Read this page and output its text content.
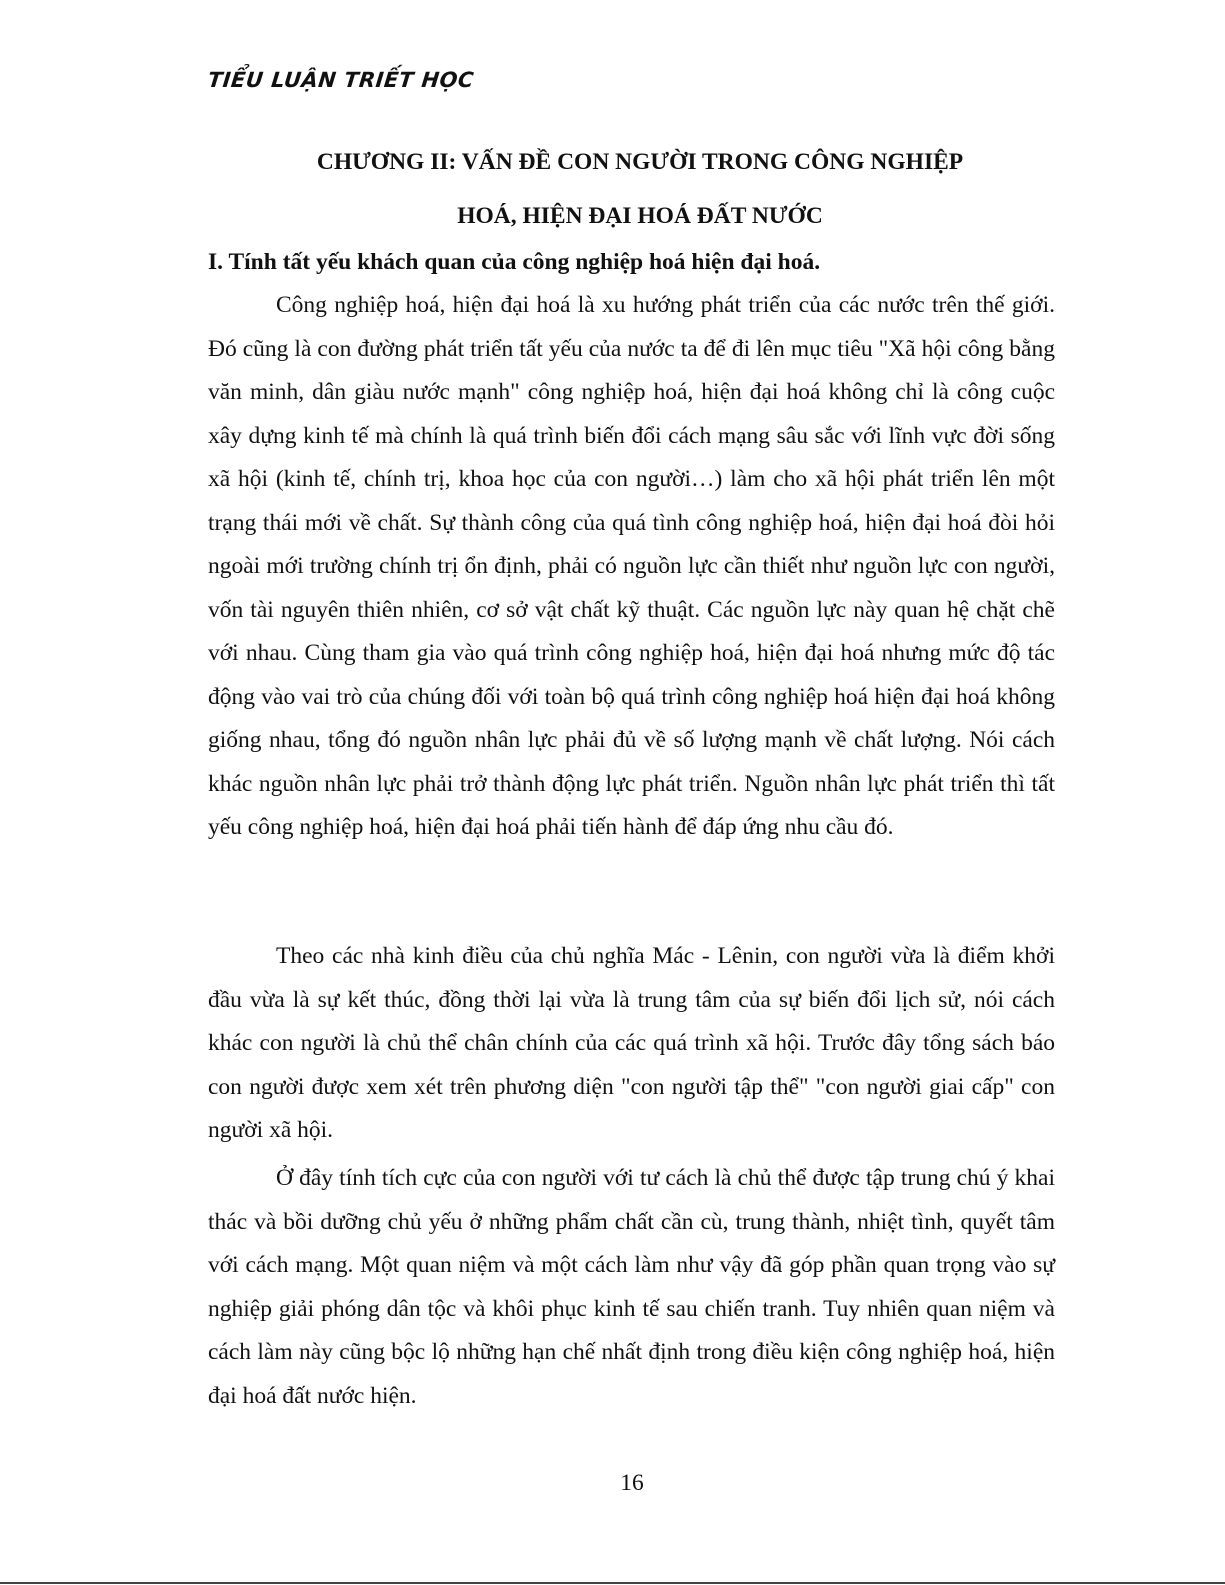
TIỂU LUẬN TRIẾT HỌC
CHƯƠNG II: VẤN ĐỀ CON NGƯỜI TRONG CÔNG NGHIỆP
HOÁ, HIỆN ĐẠI HOÁ ĐẤT NƯỚC
I. Tính tất yếu khách quan của công nghiệp hoá hiện đại hoá.

Công nghiệp hoá, hiện đại hoá là xu hướng phát triển của các nước trên thế giới. Đó cũng là con đường phát triển tất yếu của nước ta để đi lên mục tiêu "Xã hội công bằng văn minh, dân giàu nước mạnh" công nghiệp hoá, hiện đại hoá không chỉ là công cuộc xây dựng kinh tế mà chính là quá trình biến đổi cách mạng sâu sắc với lĩnh vực đời sống xã hội (kinh tế, chính trị, khoa học của con người…) làm cho xã hội phát triển lên một trạng thái mới về chất. Sự thành công của quá tình công nghiệp hoá, hiện đại hoá đòi hỏi ngoài mới trường chính trị ổn định, phải có nguồn lực cần thiết như nguồn lực con người, vốn tài nguyên thiên nhiên, cơ sở vật chất kỹ thuật. Các nguồn lực này quan hệ chặt chẽ với nhau. Cùng tham gia vào quá trình công nghiệp hoá, hiện đại hoá nhưng mức độ tác động vào vai trò của chúng đối với toàn bộ quá trình công nghiệp hoá hiện đại hoá không giống nhau, tổng đó nguồn nhân lực phải đủ về số lượng mạnh về chất lượng. Nói cách khác nguồn nhân lực phải trở thành động lực phát triển. Nguồn nhân lực phát triển thì tất yếu công nghiệp hoá, hiện đại hoá phải tiến hành để đáp ứng nhu cầu đó.

Theo các nhà kinh điều của chủ nghĩa Mác - Lênin, con người vừa là điểm khởi đầu vừa là sự kết thúc, đồng thời lại vừa là trung tâm của sự biến đổi lịch sử, nói cách khác con người là chủ thể chân chính của các quá trình xã hội. Trước đây tổng sách báo con người được xem xét trên phương diện "con người tập thể" "con người giai cấp" con người xã hội.

Ở đây tính tích cực của con người với tư cách là chủ thể được tập trung chú ý khai thác và bồi dưỡng chủ yếu ở những phẩm chất cần cù, trung thành, nhiệt tình, quyết tâm với cách mạng. Một quan niệm và một cách làm như vậy đã góp phần quan trọng vào sự nghiệp giải phóng dân tộc và khôi phục kinh tế sau chiến tranh. Tuy nhiên quan niệm và cách làm này cũng bộc lộ những hạn chế nhất định trong điều kiện công nghiệp hoá, hiện đại hoá đất nước hiện.

16
